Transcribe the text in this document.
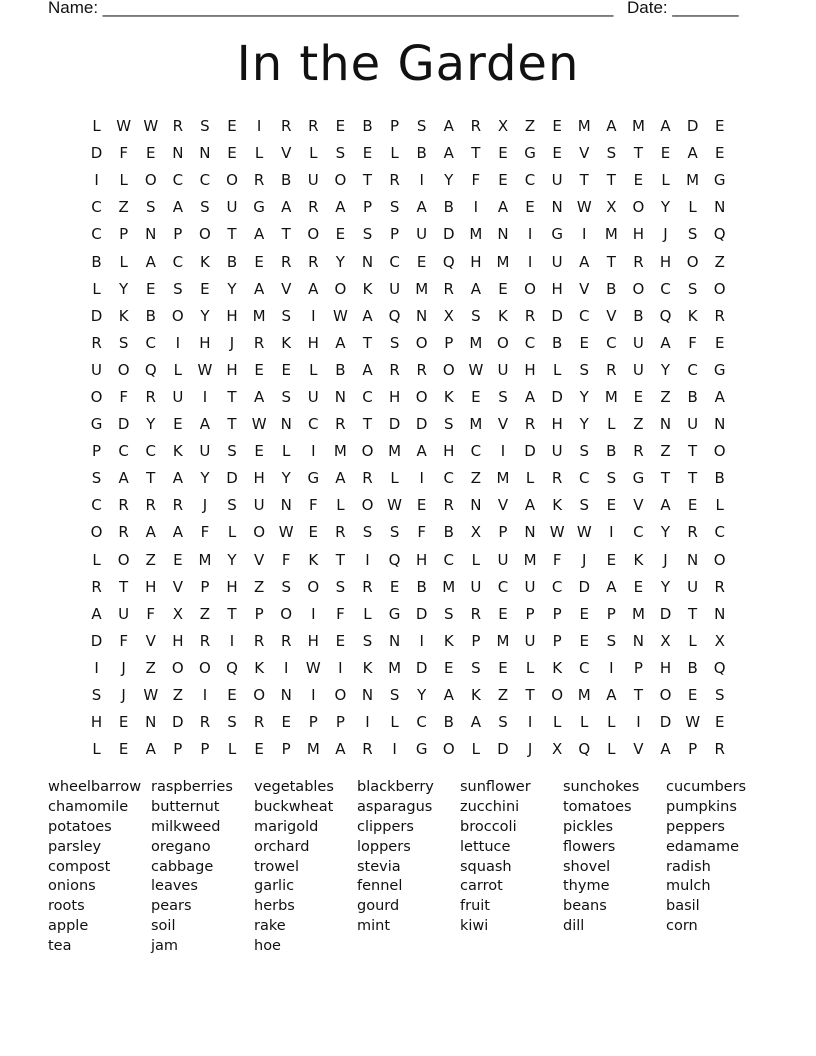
Name: ______________________________________________________ Date: _______
In the Garden
L	W W R	S	E	I	R	R	E	B	P	S	A	R	X	Z	E	M	A	M	A	D	E
D	F	E	N	N	E	L	V	L	S	E	L	B	A	T	E	G	E	V	S	T	E	A	E
I	L	O	C	C	O	R	B	U	O	T	R	I	Y	F	E	C	U	T	T	E	L	M G
C	Z	S	A	S	U	G	A	R	A	P	S	A	B	I	A	E	N W X	O	Y	L	N
C	P	N	P	O	T	A	T	O	E	S	P	U	D M	N	I	G	I	M H	J	S	Q
B	L	A	C	K	B	E	R	R	Y	N	C	E	Q	H M	I	U	A	T	R	H	O	Z
L	Y	E	S	E	Y	A	V	A	O	K	U	M	R	A	E	O	H	V	B	O	C	S	O
D	K	B	O	Y	H M	S	I	W A	Q	N	X	S	K	R	D	C	V	B	Q	K	R
R	S	C	I	H	J	R	K	H	A	T	S	O	P	M O	C	B	E	C	U	A	F	E
U	O	Q	L	W H	E	E	L	B	A	R	R	O W U	H	L	S	R	U	Y	C	G
O	F	R	U	I	T	A	S	U	N	C	H	O	K	E	S	A	D	Y	M	E	Z	B	A
G	D	Y	E	A	T	W N	C	R	T	D	D	S	M	V	R	H	Y	L	Z	N	U	N
P	C	C	K	U	S	E	L	I	M O M	A	H	C	I	D	U	S	B	R	Z	T	O
S	A	T	A	Y	D	H	Y	G	A	R	L	I	C	Z	M	L	R	C	S	G	T	T	B
C	R	R	R	J	S	U	N	F	L	O W E	R	N	V	A	K	S	E	V	A	E	L
O	R	A	A	F	L	O W E	R	S	S	F	B	X	P	N W W	I	C	Y	R	C
L	O	Z	E	M	Y	V	F	K	T	I	Q	H	C	L	U	M	F	J	E	K	J	N	O
R	T	H	V	P	H	Z	S	O	S	R	E	B	M	U	C	U	C	D	A	E	Y	U	R
A	U	F	X	Z	T	P	O	I	F	L	G	D	S	R	E	P	P	E	P	M D	T	N
D	F	V	H	R	I	R	R	H	E	S	N	I	K	P	M	U	P	E	S	N	X	L	X
I	J	Z	O	O	Q	K	I	W	I	K	M D	E	S	E	L	K	C	I	P	H	B	Q
S	J	W Z	I	E	O	N	I	O	N	S	Y	A	K	Z	T	O M	A	T	O	E	S
H	E	N	D	R	S	R	E	P	P	I	L	C	B	A	S	I	L	L	L	I	D W E
L	E	A	P	P	L	E	P	M	A	R	I	G	O	L	D	J	X	Q	L	V	A	P	R
wheelbarrow
chamomile
potatoes
parsley
compost
onions
roots
apple
tea
raspberries
butternut
milkweed
oregano
cabbage
leaves
pears
soil
jam
vegetables
buckwheat
marigold
orchard
trowel
garlic
herbs
rake
hoe
blackberry
asparagus
clippers
loppers
stevia
fennel
gourd
mint
sunflower
zucchini
broccoli
lettuce
squash
carrot
fruit
kiwi
sunchokes
tomatoes
pickles
flowers
shovel
thyme
beans
dill
cucumbers
pumpkins
peppers
edamame
radish
mulch
basil
corn
